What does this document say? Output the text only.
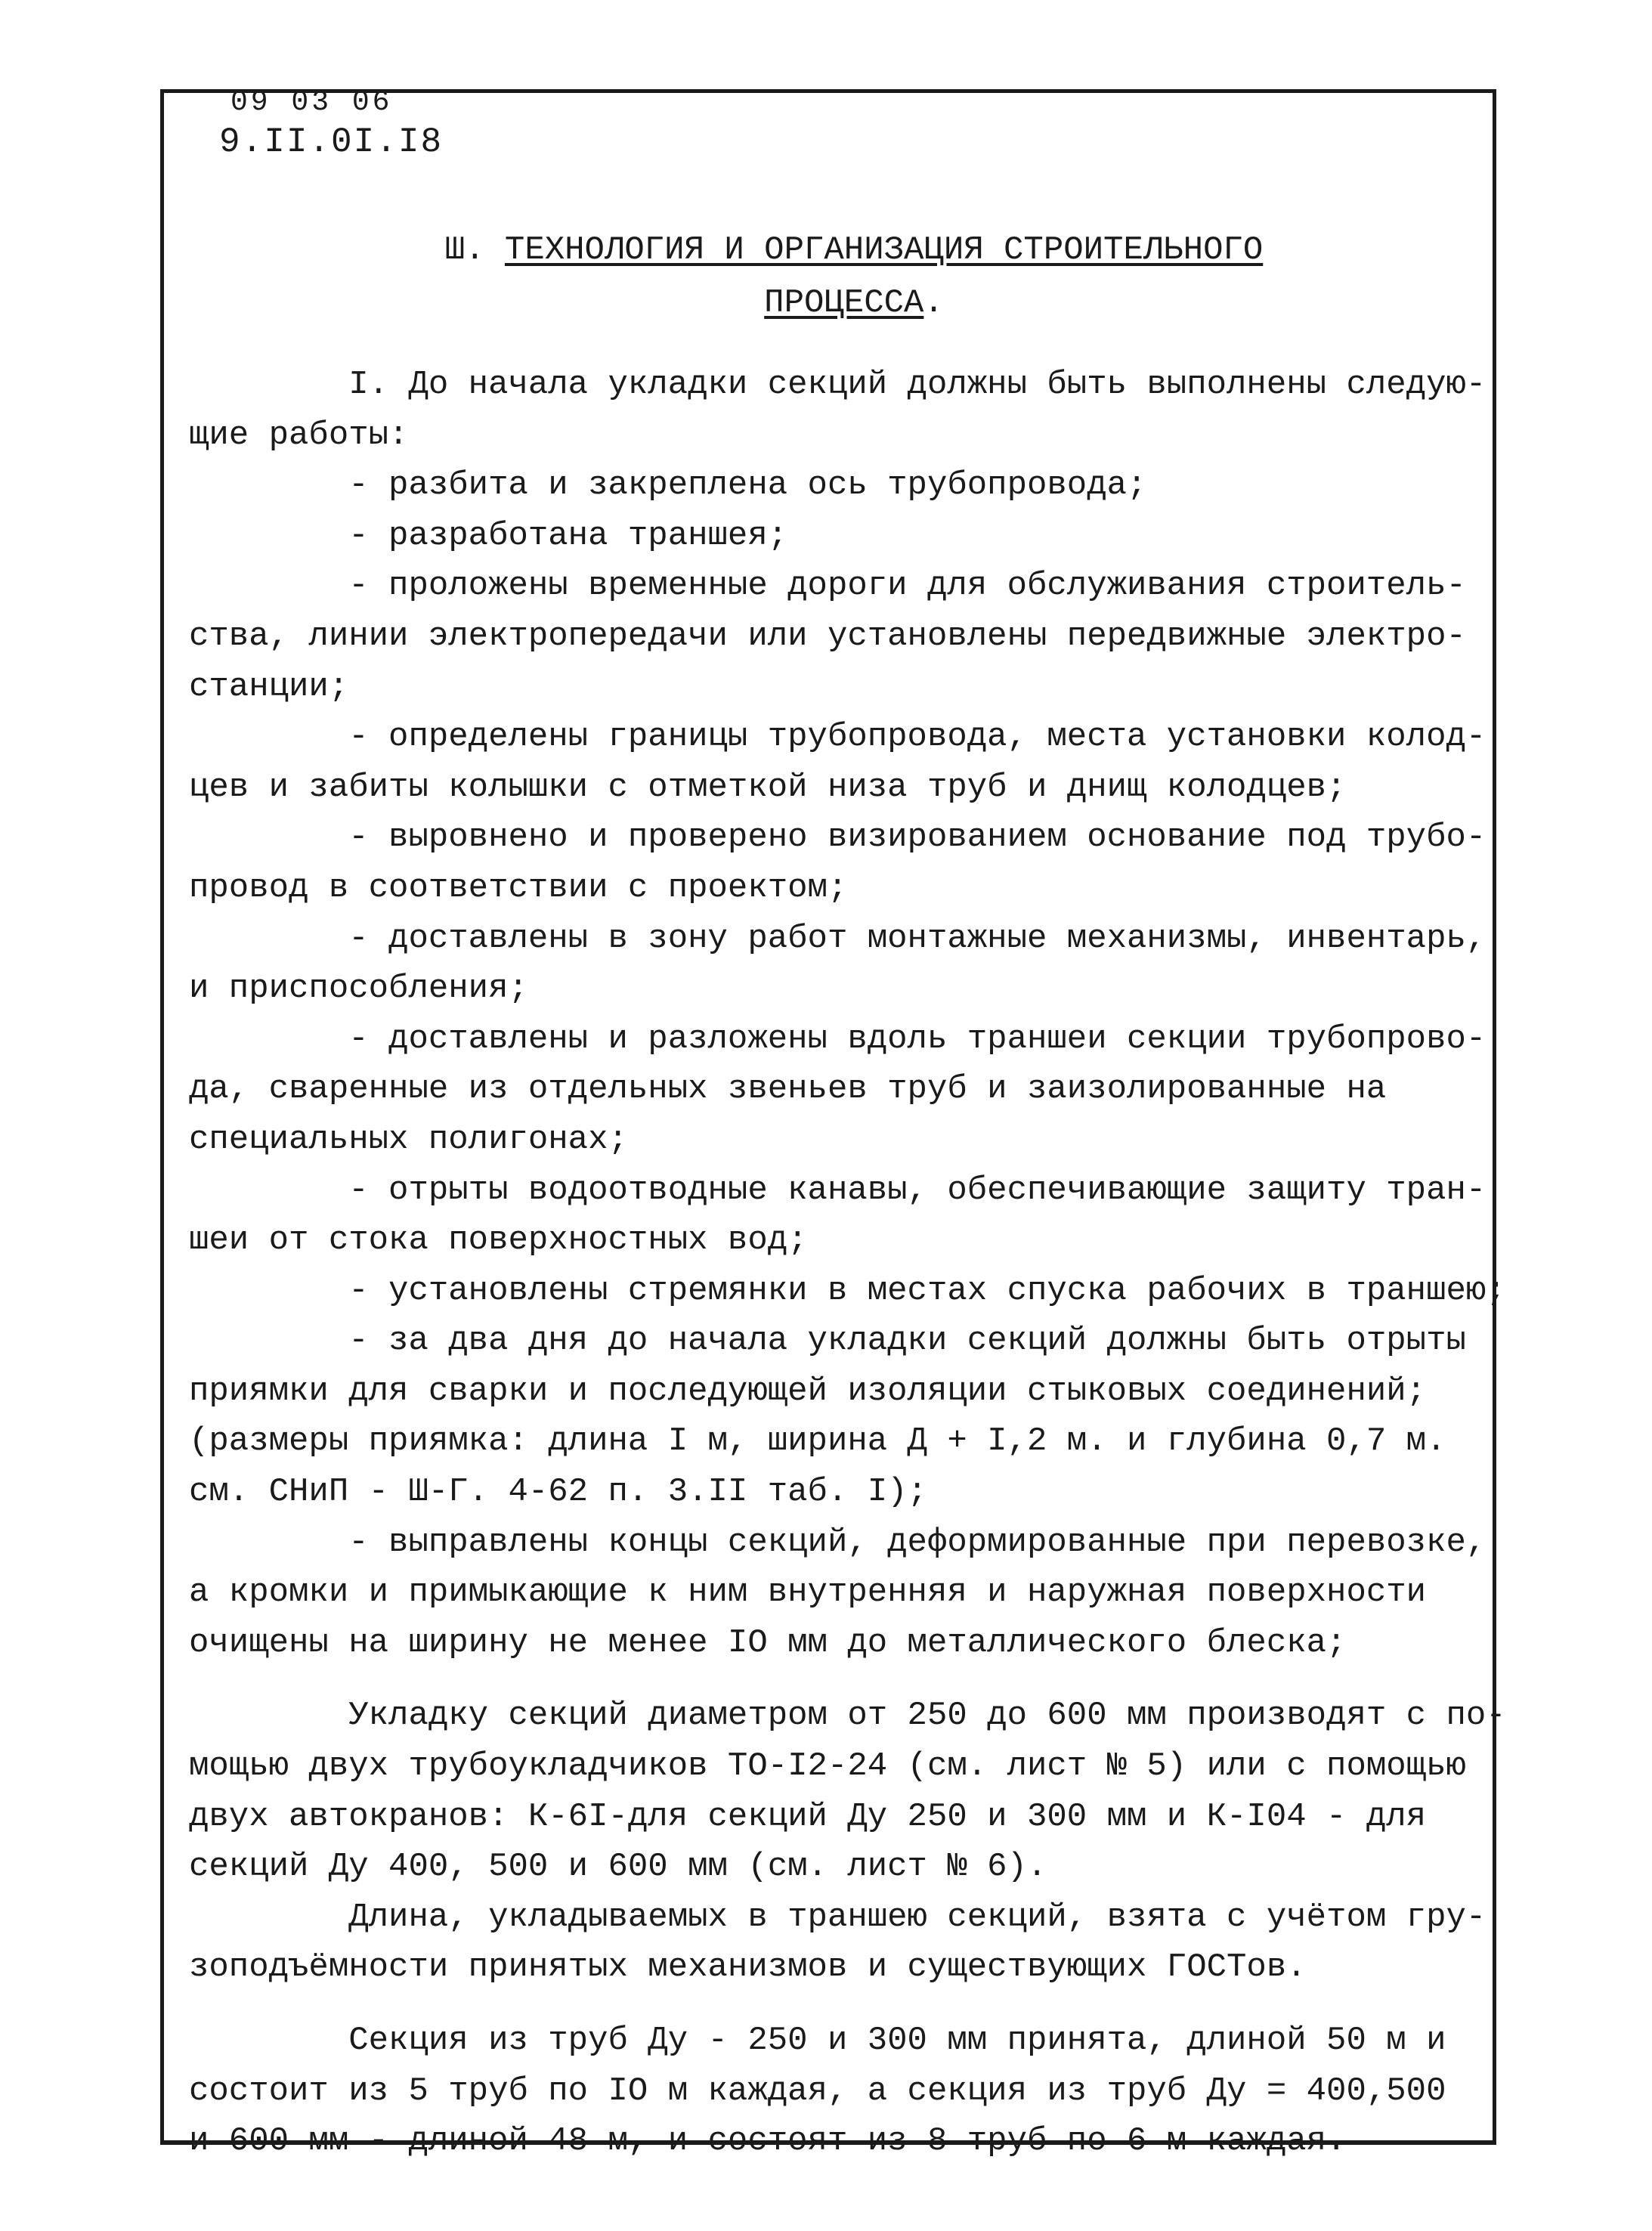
09 03 06
9.II.0I.I8
Ш. ТЕХНОЛОГИЯ И ОРГАНИЗАЦИЯ СТРОИТЕЛЬНОГО
ПРОЦЕССА.
I. До начала укладки секций должны быть выполнены следую-
щие работы:
- разбита и закреплена ось трубопровода;
- разработана траншея;
- проложены временные дороги для обслуживания строитель-
ства, линии электропередачи или установлены передвижные электро-
станции;
- определены границы трубопровода, места установки колод-
цев и забиты колышки с отметкой низа труб и днищ колодцев;
- выровнено и проверено визированием основание под трубо-
провод в соответствии с проектом;
- доставлены в зону работ монтажные механизмы, инвентарь,
и приспособления;
- доставлены и разложены вдоль траншеи секции трубопрово-
да, сваренные из отдельных звеньев труб и заизолированные на
специальных полигонах;
- отрыты водоотводные канавы, обеспечивающие защиту тран-
шеи от стока поверхностных вод;
- установлены стремянки в местах спуска рабочих в траншею;
- за два дня до начала укладки секций должны быть отрыты
приямки для сварки и последующей изоляции стыковых соединений;
(размеры приямка: длина I м, ширина Д + I,2 м. и глубина 0,7 м.
см. СНиП - Ш-Г. 4-62 п. 3.II таб. I);
- выправлены концы секций, деформированные при перевозке,
а кромки и примыкающие к ним внутренняя и наружная поверхности
очищены на ширину не менее IO мм до металлического блеска;
Укладку секций диаметром от 250 до 600 мм производят с по-
мощью двух трубоукладчиков ТО-I2-24 (см. лист № 5) или с помощью
двух автокранов: К-6I-для секций Ду 250 и 300 мм и К-I04 - для
секций Ду 400, 500 и 600 мм (см. лист № 6).
Длина, укладываемых в траншею секций, взята с учётом гру-
зоподъёмности принятых механизмов и существующих ГОСТов.
Секция из труб Ду - 250 и 300 мм принята, длиной 50 м и
состоит из 5 труб по IO м каждая, а секция из труб Ду = 400,500
и 600 мм - длиной 48 м, и состоят из 8 труб по 6 м каждая.
